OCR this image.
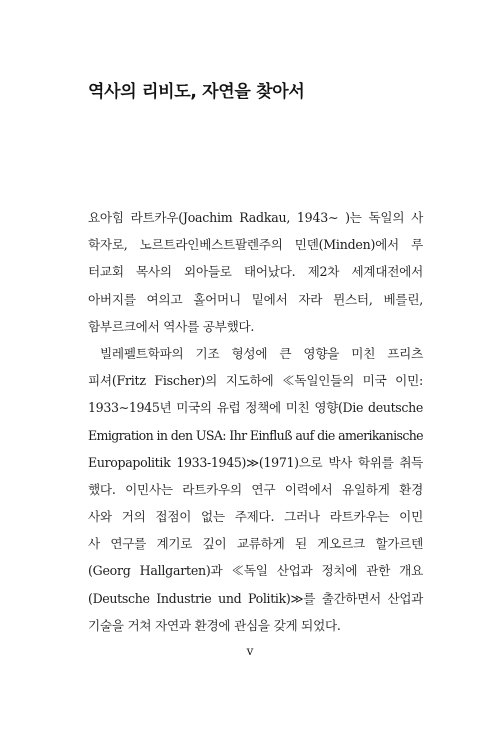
역사의 리비도, 자연을 찾아서
요아힘 라트카우(Joachim Radkau, 1943∼ )는 독일의 사
학자로, 노르트라인베스트팔렌주의 민덴(Minden)에서 루
터교회 목사의 외아들로 태어났다. 제2차 세계대전에서
아버지를 여의고 홀어머니 밑에서 자라 뮌스터, 베를린,
함부르크에서 역사를 공부했다.
빌레펠트학파의 기조 형성에 큰 영향을 미친 프리츠
피셔(Fritz Fischer)의 지도하에 ≪독일인들의 미국 이민:
1933∼1945년 미국의 유럽 정책에 미친 영향(Die deutsche
Emigration in den USA: Ihr Einfluß auf die amerikanische
Europapolitik 1933-1945)≫(1971)으로 박사 학위를 취득
했다. 이민사는 라트카우의 연구 이력에서 유일하게 환경
사와 거의 접점이 없는 주제다. 그러나 라트카우는 이민
사 연구를 계기로 깊이 교류하게 된 게오르크 할가르텐
(Georg Hallgarten)과 ≪독일 산업과 정치에 관한 개요
(Deutsche Industrie und Politik)≫를 출간하면서 산업과
기술을 거쳐 자연과 환경에 관심을 갖게 되었다.
v
